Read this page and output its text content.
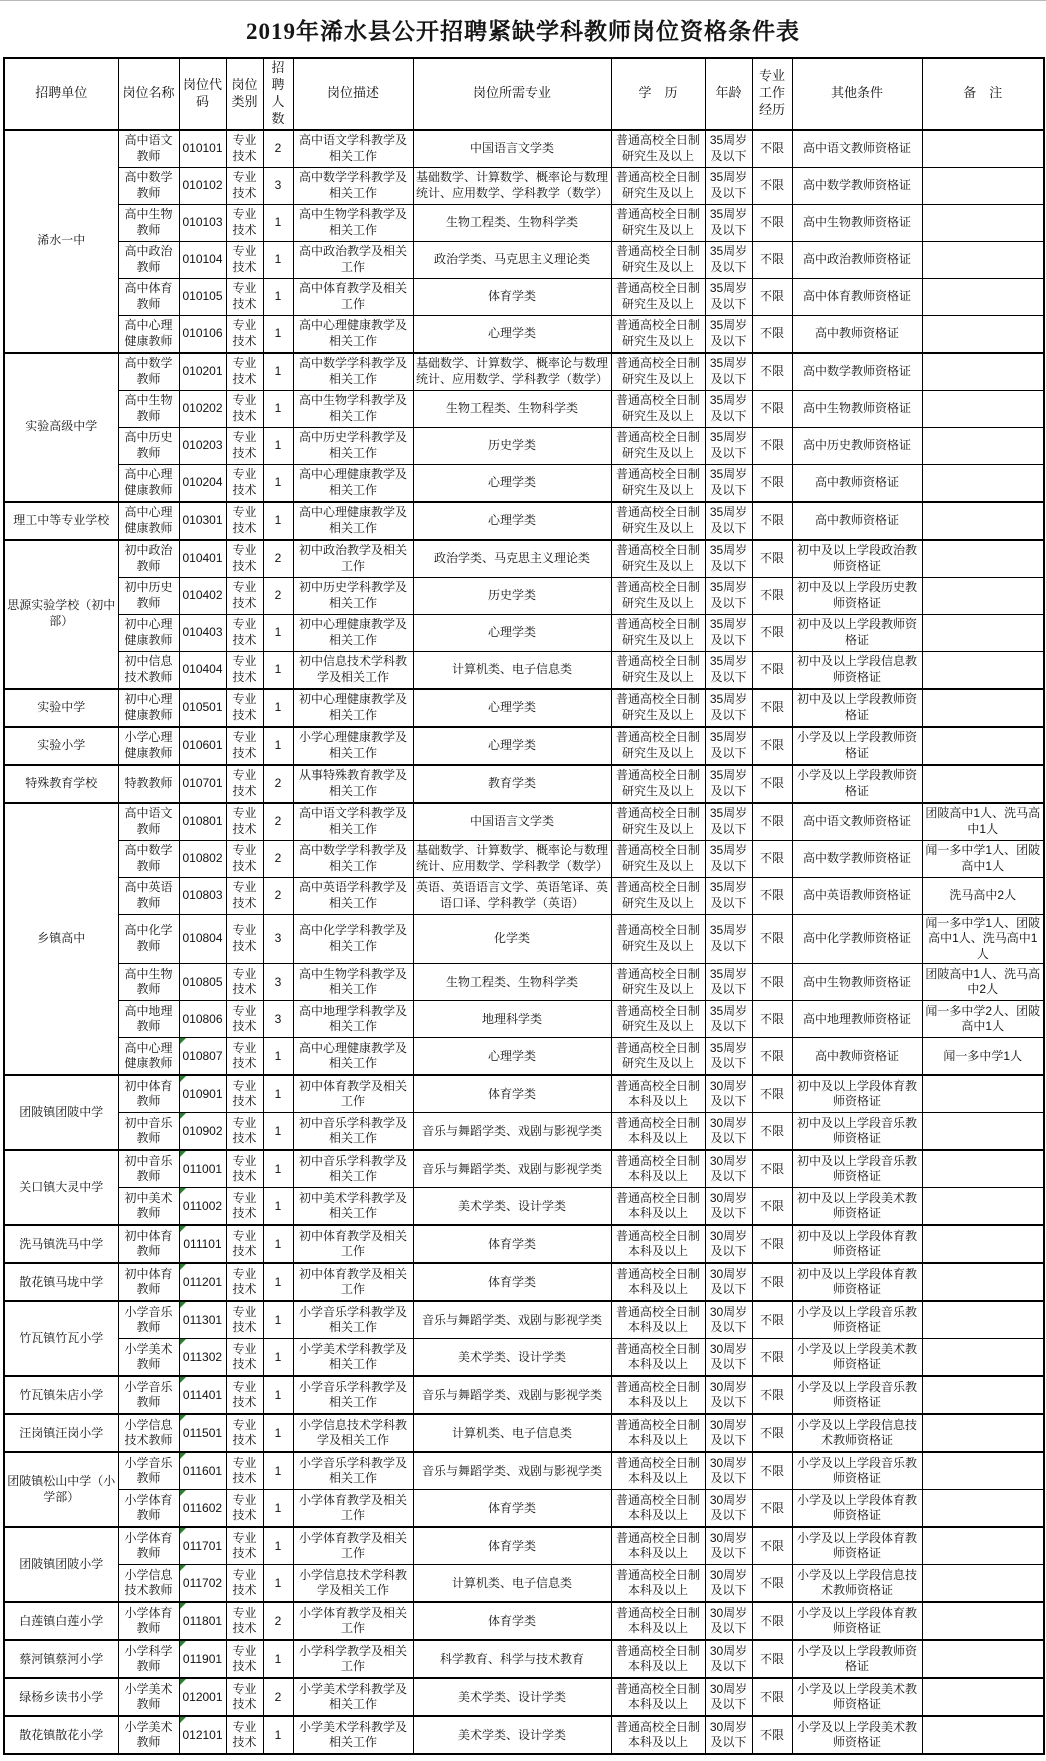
2019年浠水县公开招聘紧缺学科教师岗位资格条件表
招聘单位	岗位名称	岗位代码	岗位类别	招聘人数	岗位描述	岗位所需专业	学　历	年龄	专业工作经历	其他条件	备　注
浠水一中	高中语文教师	010101	专业技术	2	高中语文学科教学及相关工作	中国语言文学类	普通高校全日制研究生及以上	35周岁及以下	不限	高中语文教师资格证	
	高中数学教师	010102	专业技术	3	高中数学学科教学及相关工作	基础数学、计算数学、概率论与数理统计、应用数学、学科教学（数学）	普通高校全日制研究生及以上	35周岁及以下	不限	高中数学教师资格证	
	高中生物教师	010103	专业技术	1	高中生物学科教学及相关工作	生物工程类、生物科学类	普通高校全日制研究生及以上	35周岁及以下	不限	高中生物教师资格证	
	高中政治教师	010104	专业技术	1	高中政治教学及相关工作	政治学类、马克思主义理论类	普通高校全日制研究生及以上	35周岁及以下	不限	高中政治教师资格证	
	高中体育教师	010105	专业技术	1	高中体育教学及相关工作	体育学类	普通高校全日制研究生及以上	35周岁及以下	不限	高中体育教师资格证	
	高中心理健康教师	010106	专业技术	1	高中心理健康教学及相关工作	心理学类	普通高校全日制研究生及以上	35周岁及以下	不限	高中教师资格证	
实验高级中学	高中数学教师	010201	专业技术	1	高中数学学科教学及相关工作	基础数学、计算数学、概率论与数理统计、应用数学、学科教学（数学）	普通高校全日制研究生及以上	35周岁及以下	不限	高中数学教师资格证	
	高中生物教师	010202	专业技术	1	高中生物学科教学及相关工作	生物工程类、生物科学类	普通高校全日制研究生及以上	35周岁及以下	不限	高中生物教师资格证	
	高中历史教师	010203	专业技术	1	高中历史学科教学及相关工作	历史学类	普通高校全日制研究生及以上	35周岁及以下	不限	高中历史教师资格证	
	高中心理健康教师	010204	专业技术	1	高中心理健康教学及相关工作	心理学类	普通高校全日制研究生及以上	35周岁及以下	不限	高中教师资格证	
理工中等专业学校	高中心理健康教师	010301	专业技术	1	高中心理健康教学及相关工作	心理学类	普通高校全日制研究生及以上	35周岁及以下	不限	高中教师资格证	
思源实验学校（初中部）	初中政治教师	010401	专业技术	2	初中政治教学及相关工作	政治学类、马克思主义理论类	普通高校全日制研究生及以上	35周岁及以下	不限	初中及以上学段政治教师资格证	
	初中历史教师	010402	专业技术	2	初中历史学科教学及相关工作	历史学类	普通高校全日制研究生及以上	35周岁及以下	不限	初中及以上学段历史教师资格证	
	初中心理健康教师	010403	专业技术	1	初中心理健康教学及相关工作	心理学类	普通高校全日制研究生及以上	35周岁及以下	不限	初中及以上学段教师资格证	
	初中信息技术教师	010404	专业技术	1	初中信息技术学科教学及相关工作	计算机类、电子信息类	普通高校全日制研究生及以上	35周岁及以下	不限	初中及以上学段信息教师资格证	
实验中学	初中心理健康教师	010501	专业技术	1	初中心理健康教学及相关工作	心理学类	普通高校全日制研究生及以上	35周岁及以下	不限	初中及以上学段教师资格证	
实验小学	小学心理健康教师	010601	专业技术	1	小学心理健康教学及相关工作	心理学类	普通高校全日制研究生及以上	35周岁及以下	不限	小学及以上学段教师资格证	
特殊教育学校	特教教师	010701	专业技术	2	从事特殊教育教学及相关工作	教育学类	普通高校全日制研究生及以上	35周岁及以下	不限	小学及以上学段教师资格证	
乡镇高中	高中语文教师	010801	专业技术	2	高中语文学科教学及相关工作	中国语言文学类	普通高校全日制研究生及以上	35周岁及以下	不限	高中语文教师资格证	团陂高中1人、洗马高中1人
	高中数学教师	010802	专业技术	2	高中数学学科教学及相关工作	基础数学、计算数学、概率论与数理统计、应用数学、学科教学（数学）	普通高校全日制研究生及以上	35周岁及以下	不限	高中数学教师资格证	闻一多中学1人、团陂高中1人
	高中英语教师	010803	专业技术	2	高中英语学科教学及相关工作	英语、英语语言文学、英语笔译、英语口译、学科教学（英语）	普通高校全日制研究生及以上	35周岁及以下	不限	高中英语教师资格证	洗马高中2人
	高中化学教师	010804	专业技术	3	高中化学学科教学及相关工作	化学类	普通高校全日制研究生及以上	35周岁及以下	不限	高中化学教师资格证	闻一多中学1人、团陂高中1人、洗马高中1人
	高中生物教师	010805	专业技术	3	高中生物学科教学及相关工作	生物工程类、生物科学类	普通高校全日制研究生及以上	35周岁及以下	不限	高中生物教师资格证	团陂高中1人、洗马高中2人
	高中地理教师	010806	专业技术	3	高中地理学科教学及相关工作	地理科学类	普通高校全日制研究生及以上	35周岁及以下	不限	高中地理教师资格证	闻一多中学2人、团陂高中1人
	高中心理健康教师	010807	专业技术	1	高中心理健康教学及相关工作	心理学类	普通高校全日制研究生及以上	35周岁及以下	不限	高中教师资格证	闻一多中学1人
团陂镇团陂中学	初中体育教师	010901	专业技术	1	初中体育教学及相关工作	体育学类	普通高校全日制本科及以上	30周岁及以下	不限	初中及以上学段体育教师资格证	
	初中音乐教师	010902	专业技术	1	初中音乐学科教学及相关工作	音乐与舞蹈学类、戏剧与影视学类	普通高校全日制本科及以上	30周岁及以下	不限	初中及以上学段音乐教师资格证	
关口镇大灵中学	初中音乐教师	011001	专业技术	1	初中音乐学科教学及相关工作	音乐与舞蹈学类、戏剧与影视学类	普通高校全日制本科及以上	30周岁及以下	不限	初中及以上学段音乐教师资格证	
	初中美术教师	011002	专业技术	1	初中美术学科教学及相关工作	美术学类、设计学类	普通高校全日制本科及以上	30周岁及以下	不限	初中及以上学段美术教师资格证	
洗马镇洗马中学	初中体育教师	011101	专业技术	1	初中体育教学及相关工作	体育学类	普通高校全日制本科及以上	30周岁及以下	不限	初中及以上学段体育教师资格证	
散花镇马垅中学	初中体育教师	011201	专业技术	1	初中体育教学及相关工作	体育学类	普通高校全日制本科及以上	30周岁及以下	不限	初中及以上学段体育教师资格证	
竹瓦镇竹瓦小学	小学音乐教师	011301	专业技术	1	小学音乐学科教学及相关工作	音乐与舞蹈学类、戏剧与影视学类	普通高校全日制本科及以上	30周岁及以下	不限	小学及以上学段音乐教师资格证	
	小学美术教师	011302	专业技术	1	小学美术学科教学及相关工作	美术学类、设计学类	普通高校全日制本科及以上	30周岁及以下	不限	小学及以上学段美术教师资格证	
竹瓦镇朱店小学	小学音乐教师	011401	专业技术	1	小学音乐学科教学及相关工作	音乐与舞蹈学类、戏剧与影视学类	普通高校全日制本科及以上	30周岁及以下	不限	小学及以上学段音乐教师资格证	
汪岗镇汪岗小学	小学信息技术教师	011501	专业技术	1	小学信息技术学科教学及相关工作	计算机类、电子信息类	普通高校全日制本科及以上	30周岁及以下	不限	小学及以上学段信息技术教师资格证	
团陂镇松山中学（小学部）	小学音乐教师	011601	专业技术	1	小学音乐学科教学及相关工作	音乐与舞蹈学类、戏剧与影视学类	普通高校全日制本科及以上	30周岁及以下	不限	小学及以上学段音乐教师资格证	
	小学体育教师	011602	专业技术	1	小学体育教学及相关工作	体育学类	普通高校全日制本科及以上	30周岁及以下	不限	小学及以上学段体育教师资格证	
团陂镇团陂小学	小学体育教师	011701	专业技术	1	小学体育教学及相关工作	体育学类	普通高校全日制本科及以上	30周岁及以下	不限	小学及以上学段体育教师资格证	
	小学信息技术教师	011702	专业技术	1	小学信息技术学科教学及相关工作	计算机类、电子信息类	普通高校全日制本科及以上	30周岁及以下	不限	小学及以上学段信息技术教师资格证	
白莲镇白莲小学	小学体育教师	011801	专业技术	2	小学体育教学及相关工作	体育学类	普通高校全日制本科及以上	30周岁及以下	不限	小学及以上学段体育教师资格证	
蔡河镇蔡河小学	小学科学教师	011901	专业技术	1	小学科学教学及相关工作	科学教育、科学与技术教育	普通高校全日制本科及以上	30周岁及以下	不限	小学及以上学段教师资格证	
绿杨乡读书小学	小学美术教师	012001	专业技术	2	小学美术学科教学及相关工作	美术学类、设计学类	普通高校全日制本科及以上	30周岁及以下	不限	小学及以上学段美术教师资格证	
散花镇散花小学	小学美术教师	012101	专业技术	1	小学美术学科教学及相关工作	美术学类、设计学类	普通高校全日制本科及以上	30周岁及以下	不限	小学及以上学段美术教师资格证	
